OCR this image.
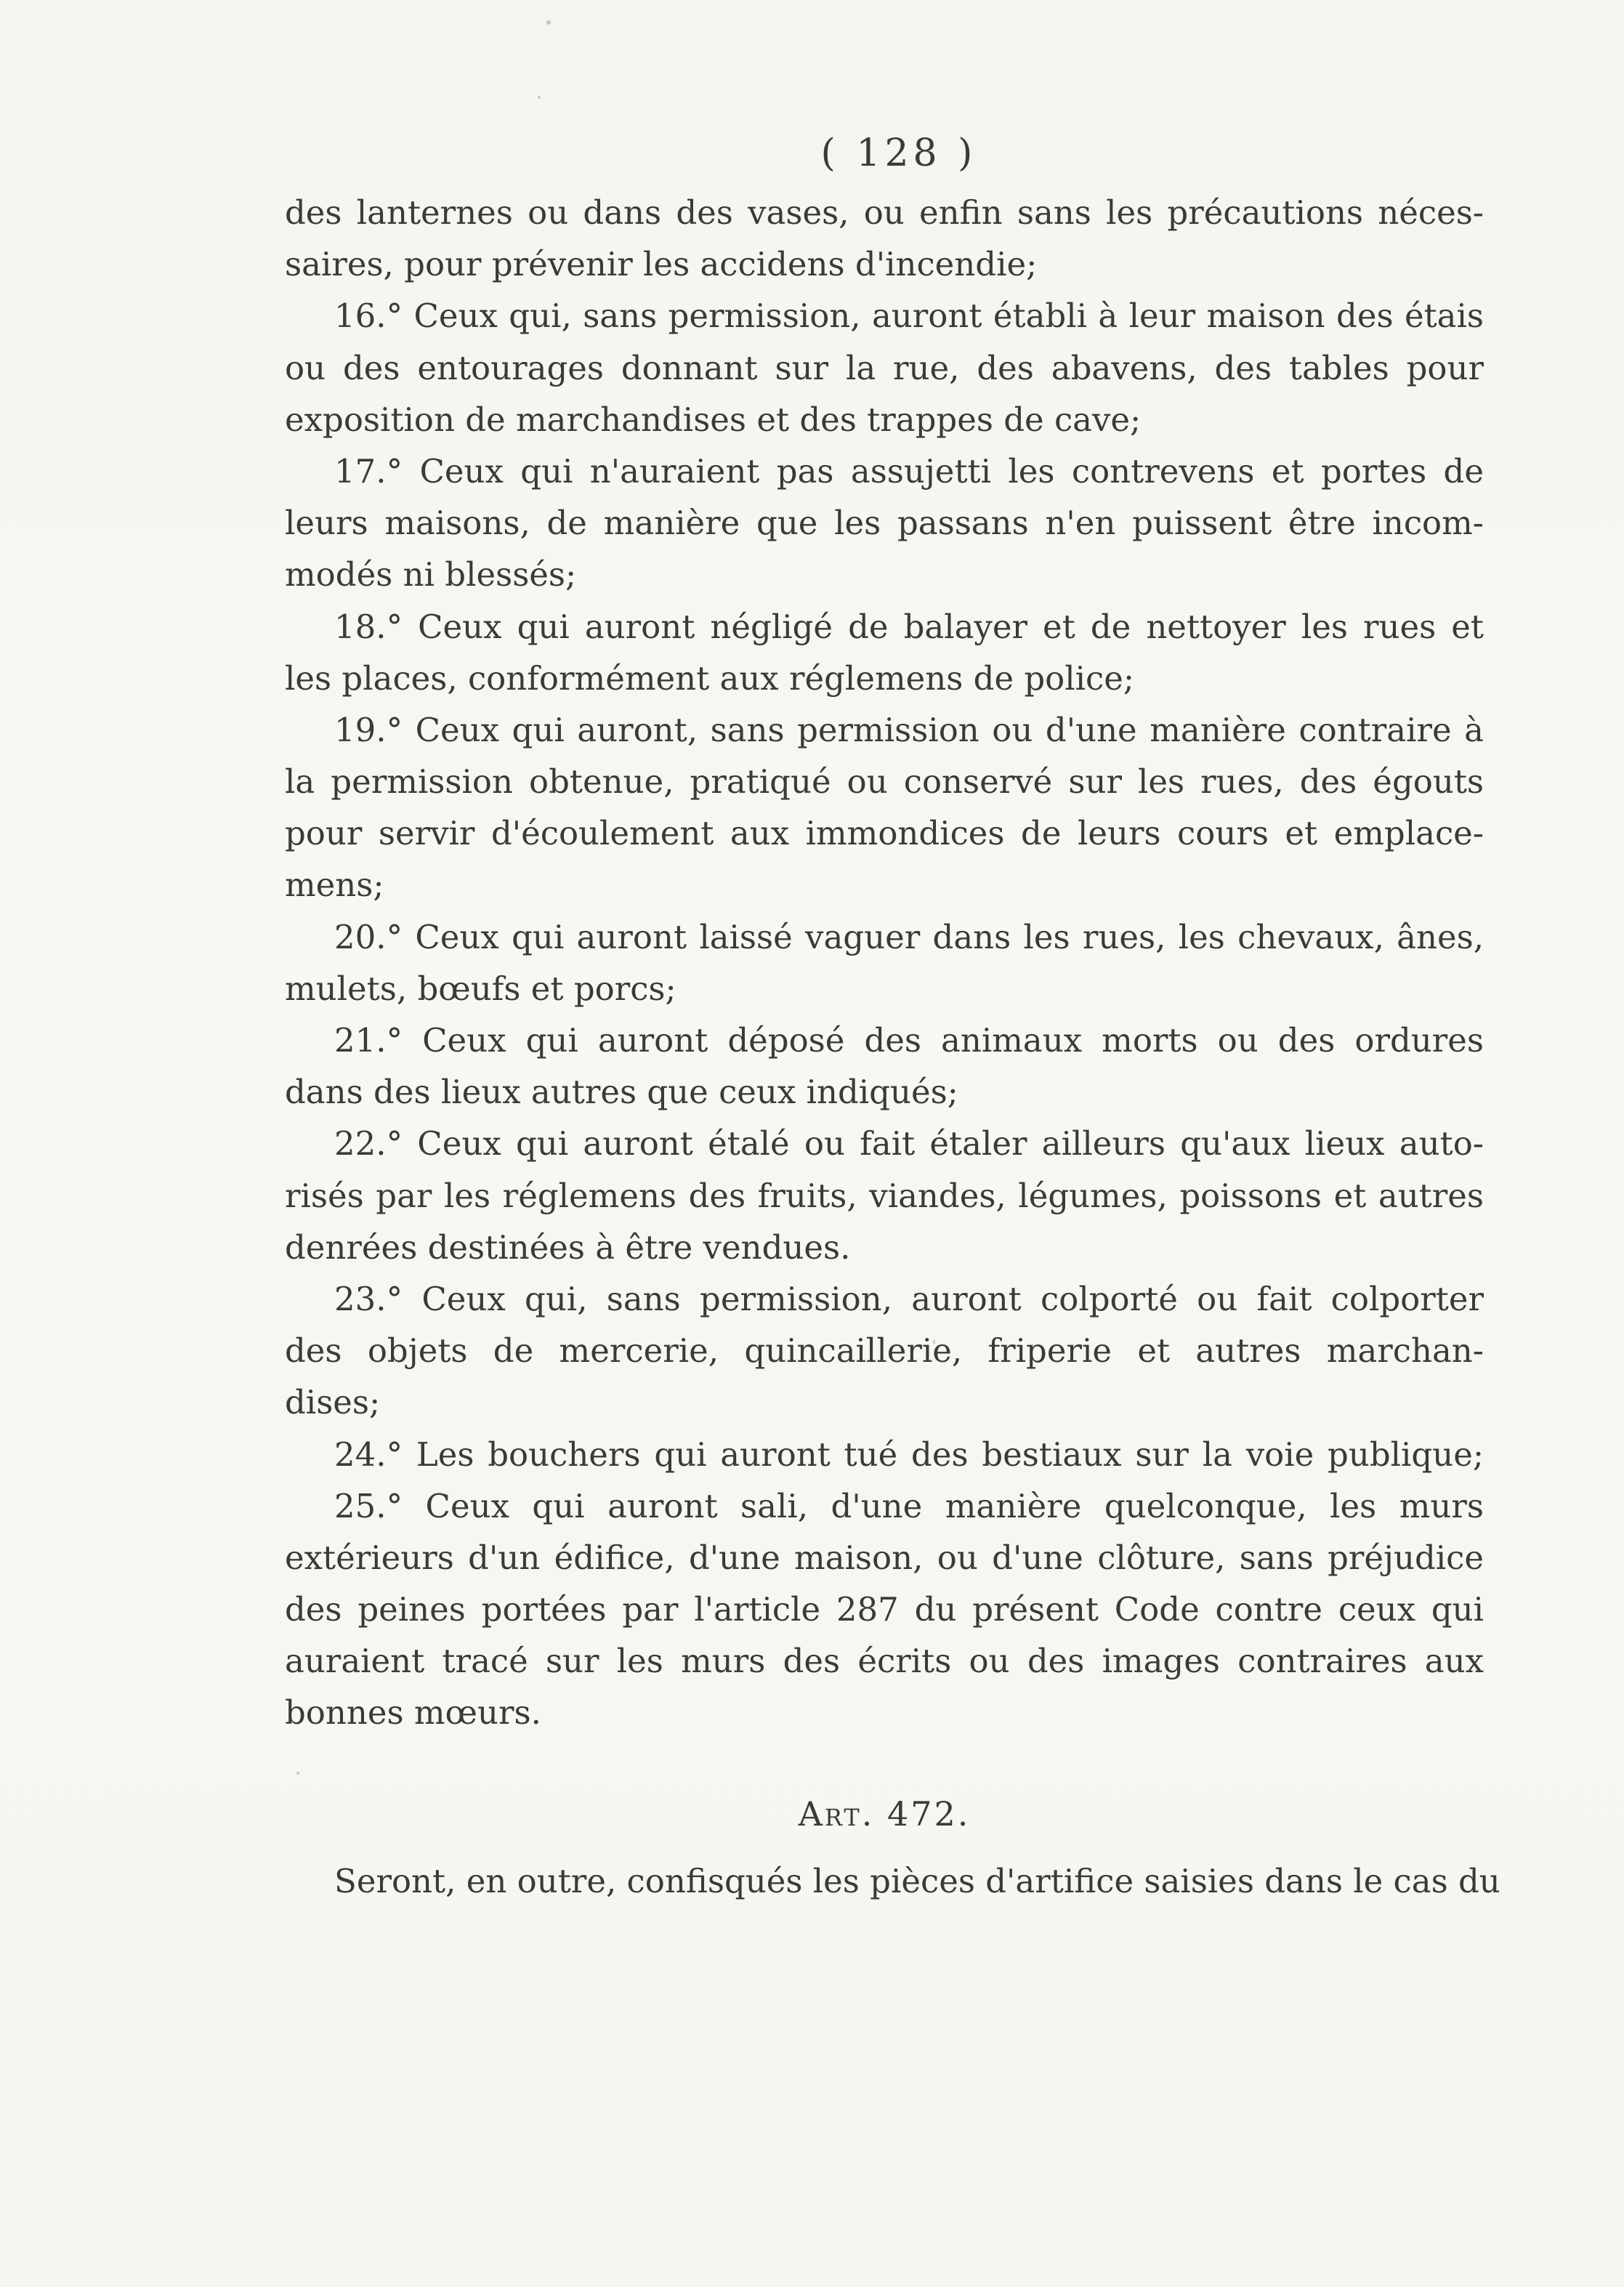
( 128 )
des lanternes ou dans des vases, ou enfin sans les précautions néces-
saires, pour prévenir les accidens d'incendie;
16.° Ceux qui, sans permission, auront établi à leur maison des étais
ou des entourages donnant sur la rue, des abavens, des tables pour
exposition de marchandises et des trappes de cave;
17.° Ceux qui n'auraient pas assujetti les contrevens et portes de
leurs maisons, de manière que les passans n'en puissent être incom-
modés ni blessés;
18.° Ceux qui auront négligé de balayer et de nettoyer les rues et
les places, conformément aux réglemens de police;
19.° Ceux qui auront, sans permission ou d'une manière contraire à
la permission obtenue, pratiqué ou conservé sur les rues, des égouts
pour servir d'écoulement aux immondices de leurs cours et emplace-
mens;
20.° Ceux qui auront laissé vaguer dans les rues, les chevaux, ânes,
mulets, bœufs et porcs;
21.° Ceux qui auront déposé des animaux morts ou des ordures
dans des lieux autres que ceux indiqués;
22.° Ceux qui auront étalé ou fait étaler ailleurs qu'aux lieux auto-
risés par les réglemens des fruits, viandes, légumes, poissons et autres
denrées destinées à être vendues.
23.° Ceux qui, sans permission, auront colporté ou fait colporter
des objets de mercerie, quincaillerie, friperie et autres marchan-
dises;
24.° Les bouchers qui auront tué des bestiaux sur la voie publique;
25.° Ceux qui auront sali, d'une manière quelconque, les murs
extérieurs d'un édifice, d'une maison, ou d'une clôture, sans préjudice
des peines portées par l'article 287 du présent Code contre ceux qui
auraient tracé sur les murs des écrits ou des images contraires aux
bonnes mœurs.
Art. 472.
Seront, en outre, confisqués les pièces d'artifice saisies dans le cas du
